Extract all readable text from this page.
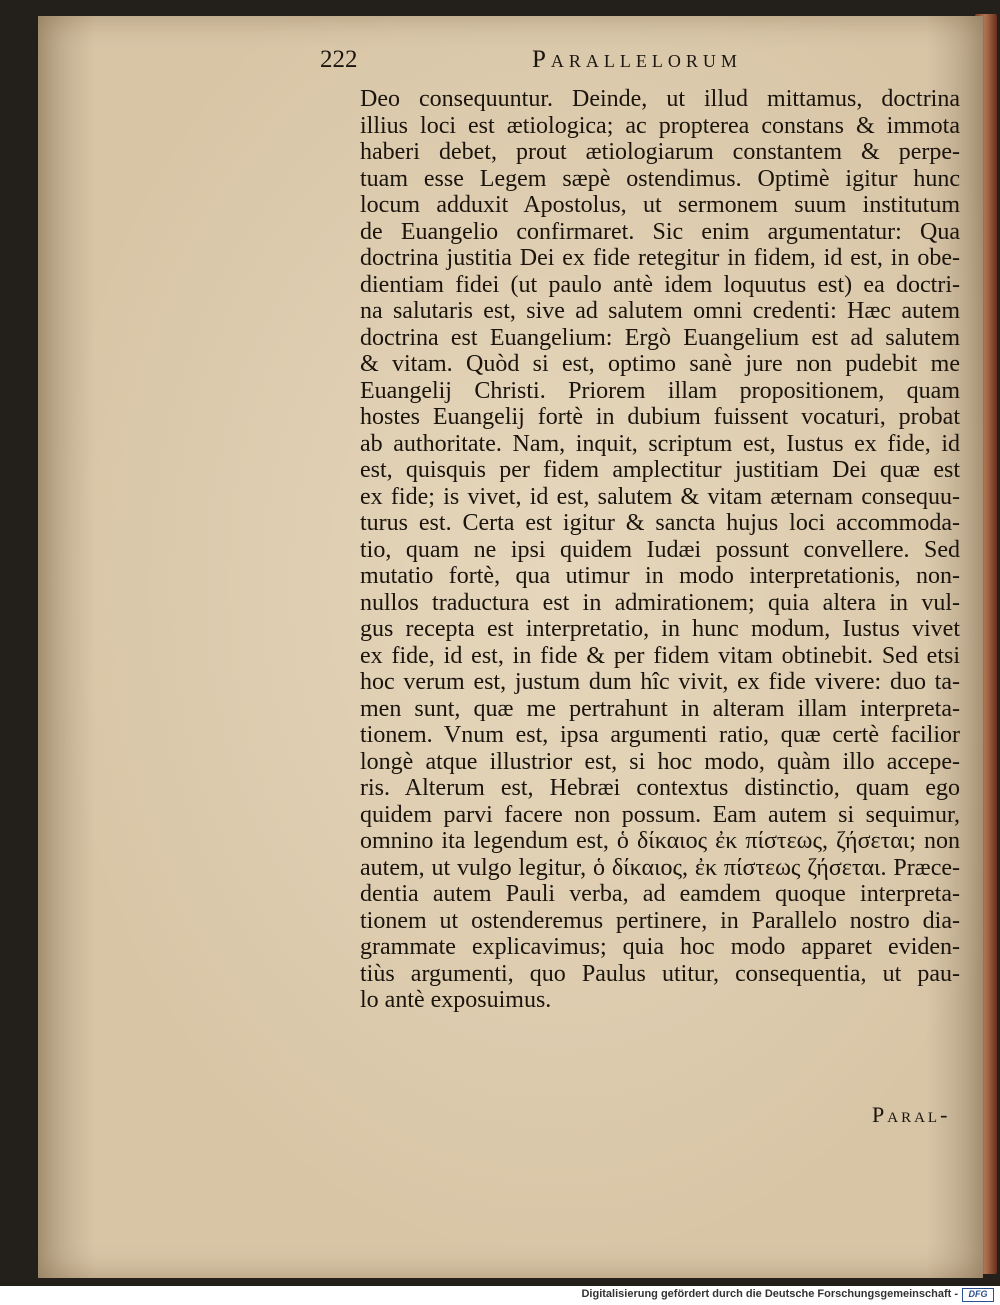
222	Parallelorum
Deo consequuntur. Deinde, ut illud mittamus, doctrina
illius loci est ætiologica; ac propterea constans & immota
haberi debet, prout ætiologiarum constantem & perpe-
tuam esse Legem sæpè ostendimus. Optimè igitur hunc
locum adduxit Apostolus, ut sermonem suum institutum
de Euangelio confirmaret. Sic enim argumentatur: Qua
doctrina justitia Dei ex fide retegitur in fidem, id est, in obe-
dientiam fidei (ut paulo antè idem loquutus est) ea doctri-
na salutaris est, sive ad salutem omni credenti: Hæc autem
doctrina est Euangelium: Ergò Euangelium est ad salutem
& vitam. Quòd si est, optimo sanè jure non pudebit me
Euangelij Christi. Priorem illam propositionem, quam
hostes Euangelij fortè in dubium fuissent vocaturi, probat
ab authoritate. Nam, inquit, scriptum est, Iustus ex fide, id
est, quisquis per fidem amplectitur justitiam Dei quæ est
ex fide; is vivet, id est, salutem & vitam æternam consequu-
turus est. Certa est igitur & sancta hujus loci accommoda-
tio, quam ne ipsi quidem Iudæi possunt convellere. Sed
mutatio fortè, qua utimur in modo interpretationis, non-
nullos traductura est in admirationem; quia altera in vul-
gus recepta est interpretatio, in hunc modum, Iustus vivet
ex fide, id est, in fide & per fidem vitam obtinebit. Sed etsi
hoc verum est, justum dum hîc vivit, ex fide vivere: duo ta-
men sunt, quæ me pertrahunt in alteram illam interpreta-
tionem. Vnum est, ipsa argumenti ratio, quæ certè facilior
longè atque illustrior est, si hoc modo, quàm illo accepe-
ris. Alterum est, Hebræi contextus distinctio, quam ego
quidem parvi facere non possum. Eam autem si sequimur,
omnino ita legendum est, ὁ δίκαιος ἐκ πίστεως, ζήσεται; non
autem, ut vulgo legitur, ὁ δίκαιος, ἐκ πίστεως ζήσεται. Præce-
dentia autem Pauli verba, ad eamdem quoque interpreta-
tionem ut ostenderemus pertinere, in Parallelo nostro dia-
grammate explicavimus; quia hoc modo apparet eviden-
tiùs argumenti, quo Paulus utitur, consequentia, ut pau-
lo antè exposuimus.
Paral-
Digitalisierung gefördert durch die Deutsche Forschungsgemeinschaft -	DFG
